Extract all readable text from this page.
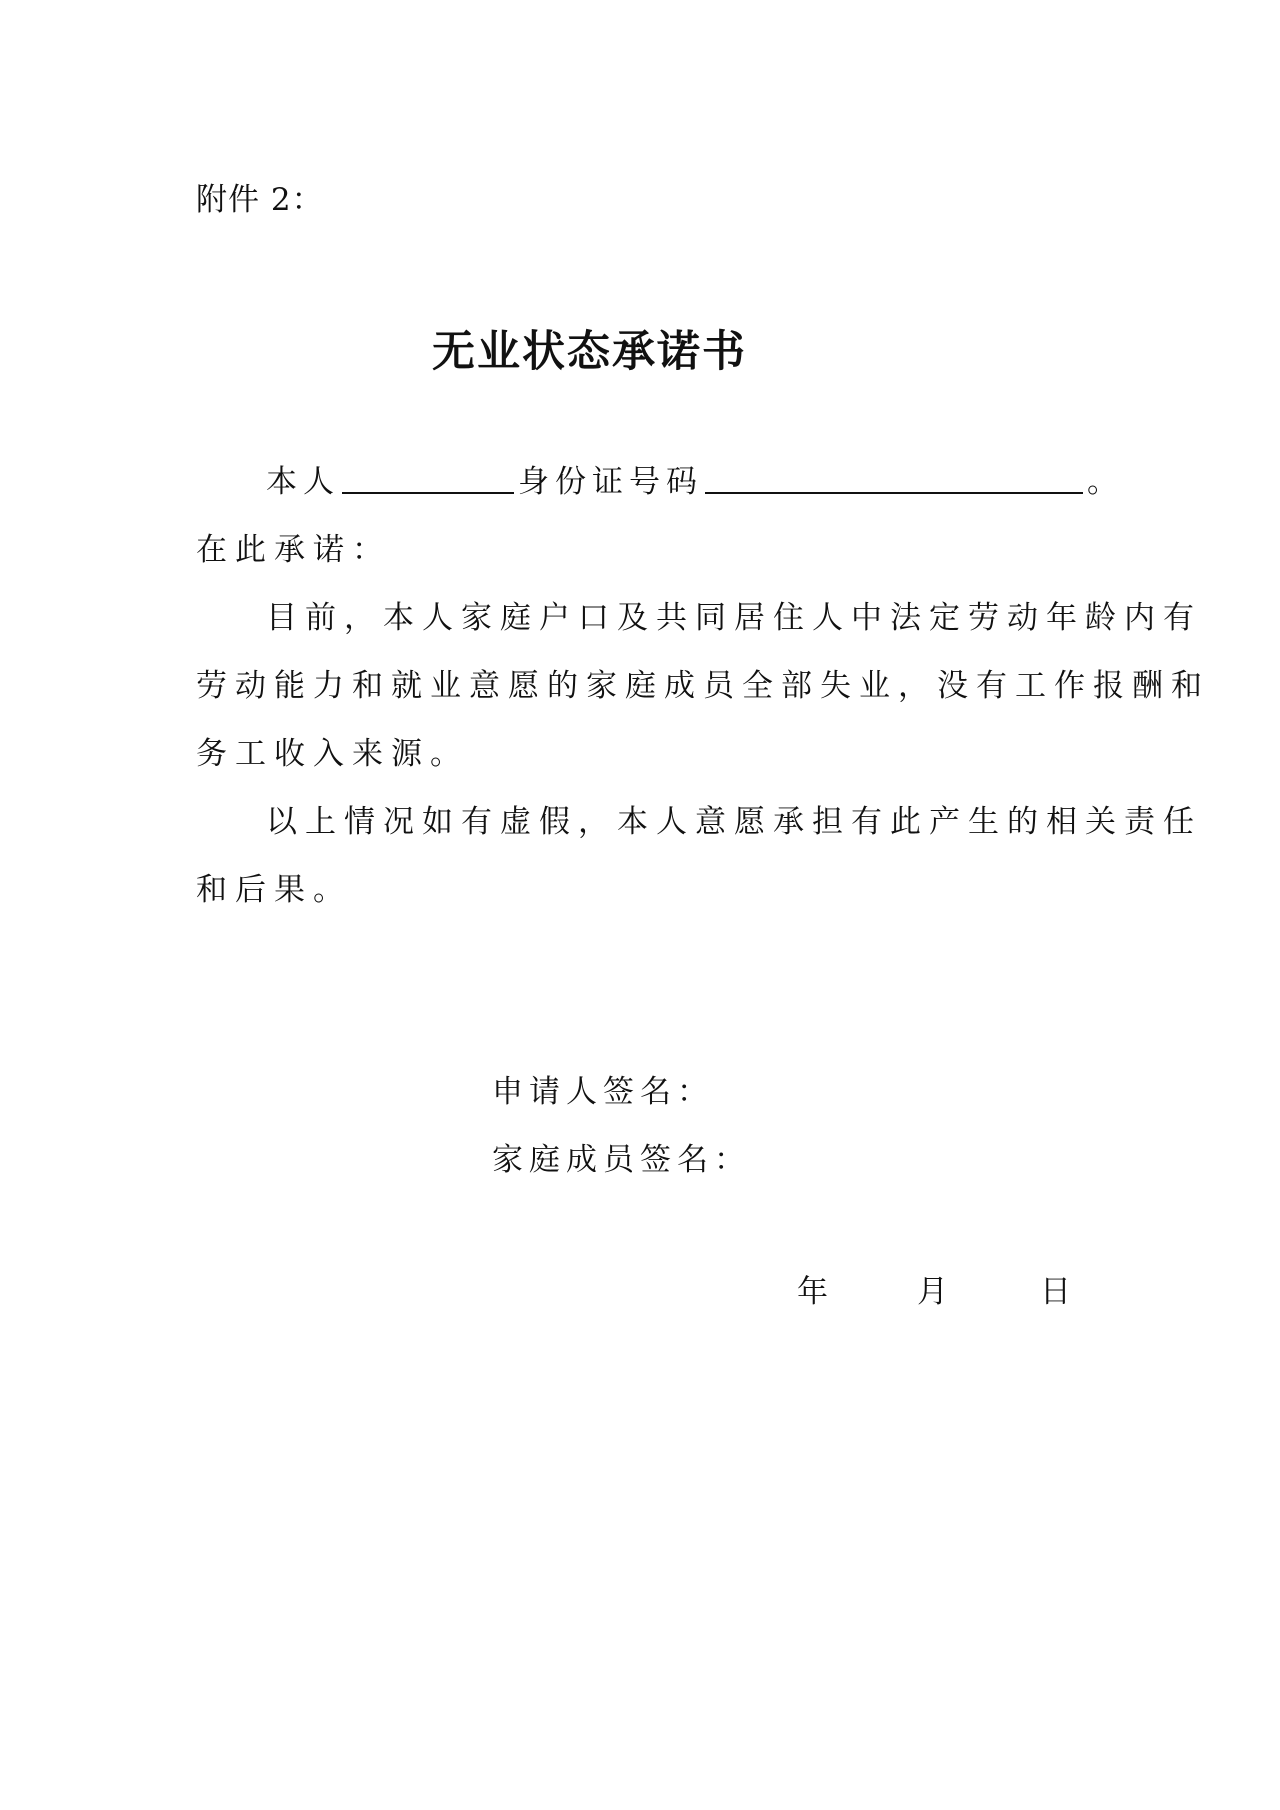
附件 2：
无业状态承诺书
本人	身份证号码	。
在此承诺：
目前，本人家庭户口及共同居住人中法定劳动年龄内有
劳动能力和就业意愿的家庭成员全部失业，没有工作报酬和
务工收入来源。
以上情况如有虚假，本人意愿承担有此产生的相关责任
和后果。
申请人签名：
家庭成员签名：
年	月	日
